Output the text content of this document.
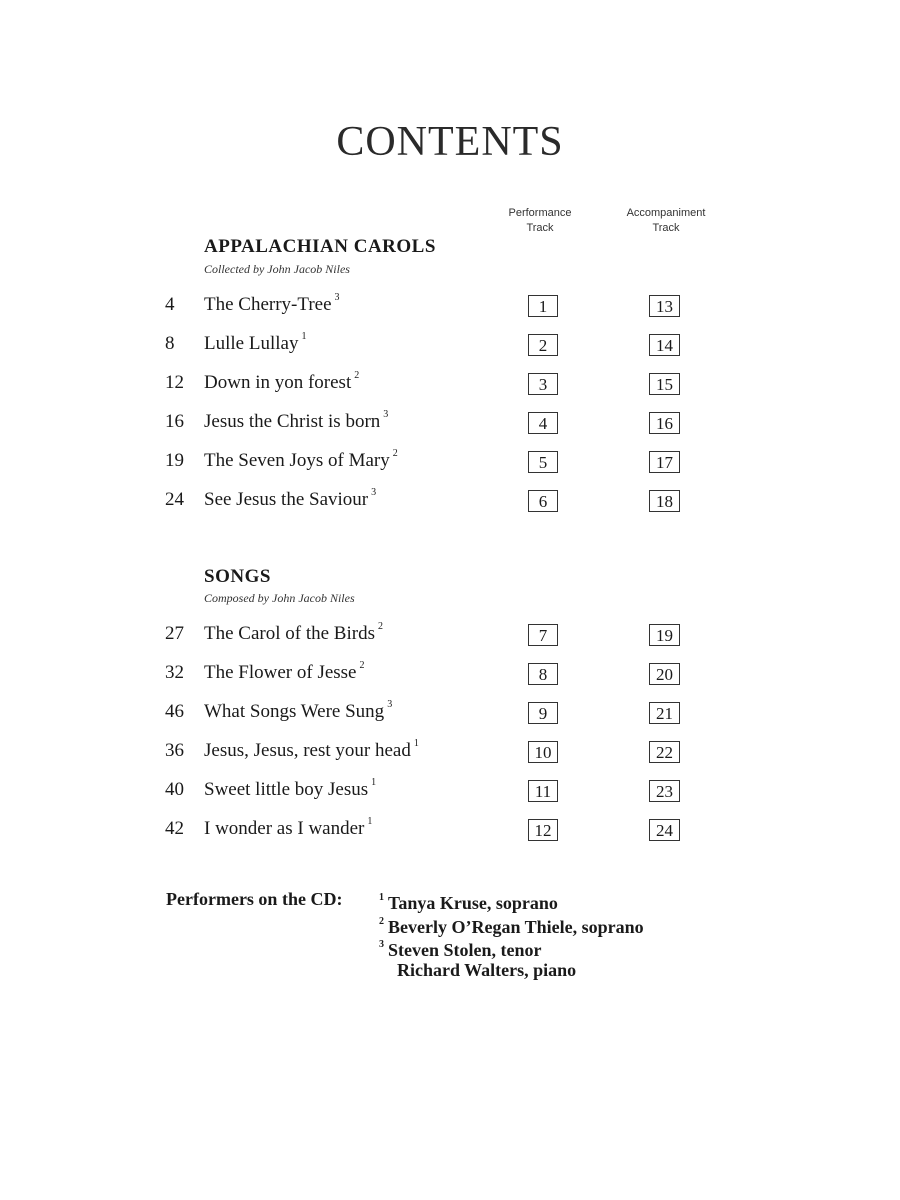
CONTENTS
Performance
Track
Accompaniment
Track
APPALACHIAN CAROLS
Collected by John Jacob Niles
4 The Cherry-Tree $^3$	1	13
8 Lulle Lullay $^1$	2	14
12 Down in yon forest $^2$	3	15
16 Jesus the Christ is born $^3$	4	16
19 The Seven Joys of Mary $^2$	5	17
24 See Jesus the Saviour $^3$	6	18
SONGS
Composed by John Jacob Niles
27 The Carol of the Birds $^2$	7	19
32 The Flower of Jesse $^2$	8	20
46 What Songs Were Sung $^3$	9	21
36 Jesus, Jesus, rest your head $^1$	10	22
40 Sweet little boy Jesus $^1$	11	23
42 I wonder as I wander $^1$	12	24
Performers on the CD:	$^1$ Tanya Kruse, soprano
$^2$ Beverly O’Regan Thiele, soprano
$^3$ Steven Stolen, tenor
Richard Walters, piano
